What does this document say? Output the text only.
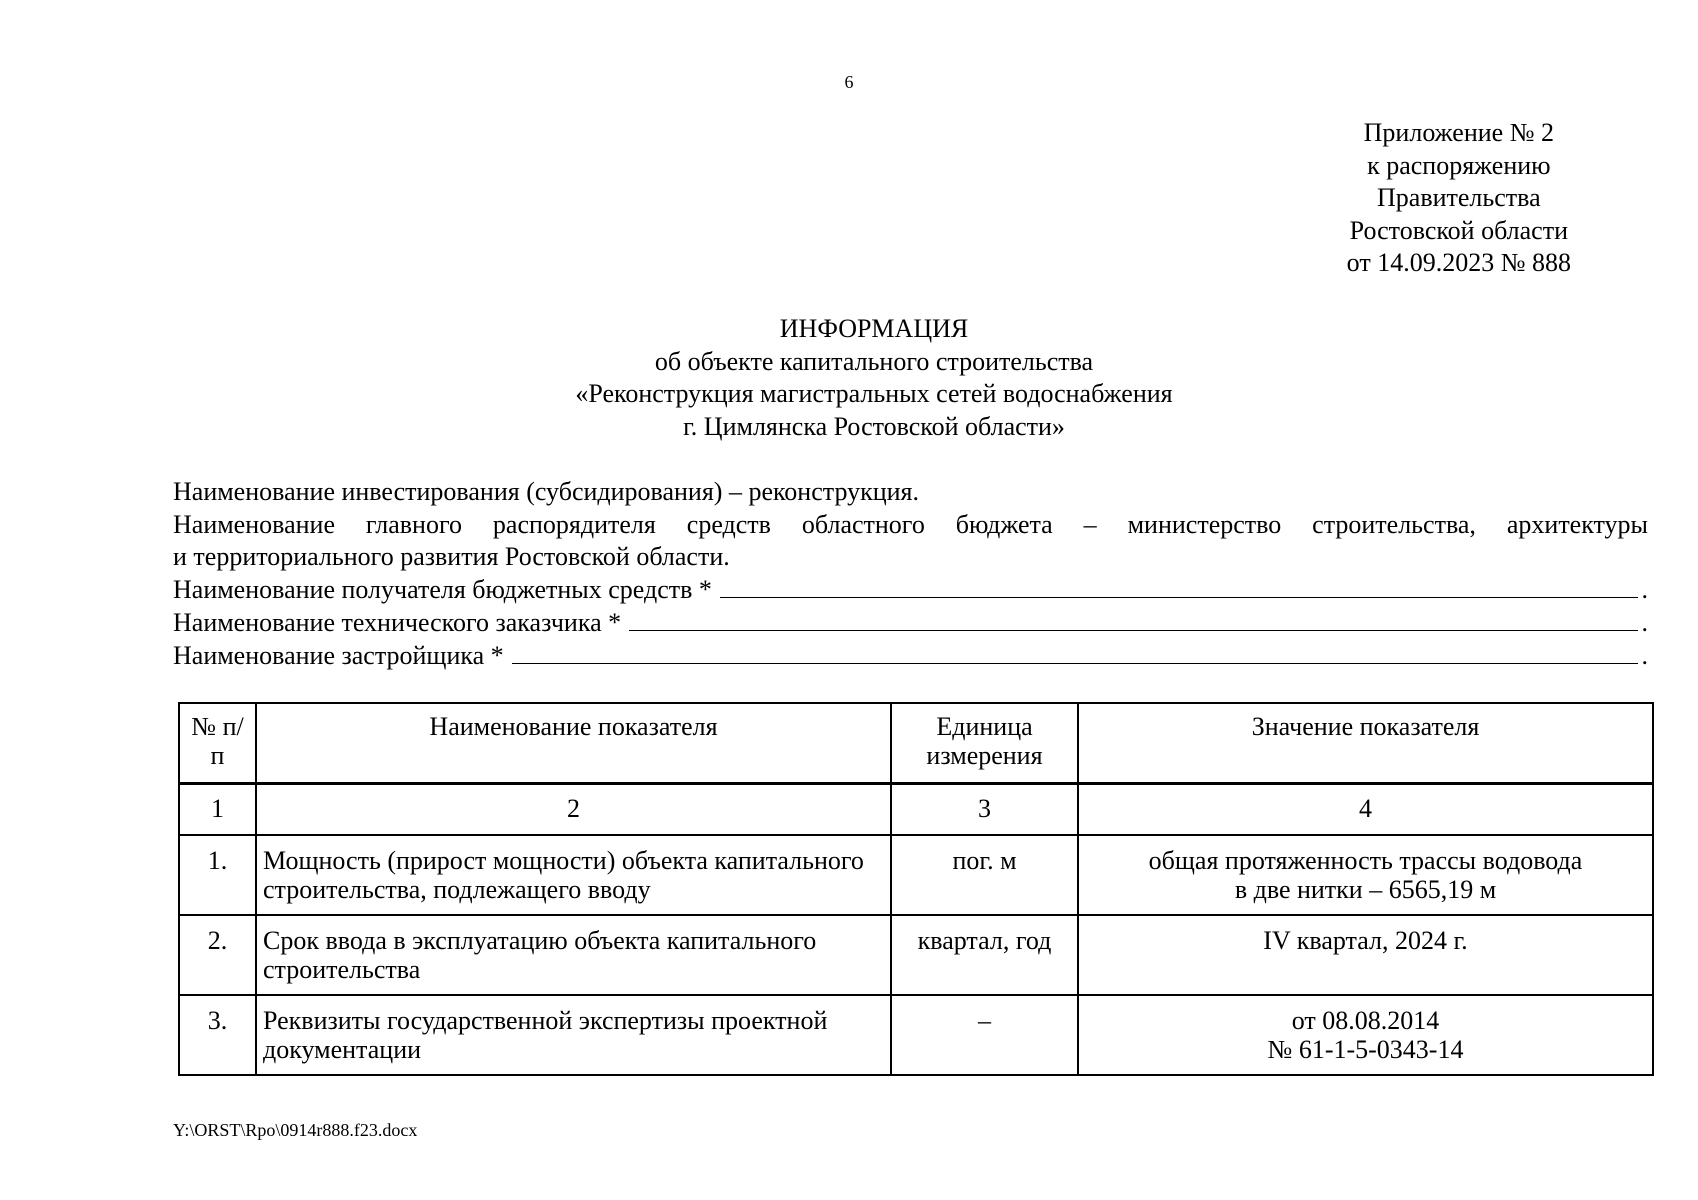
6
Приложение № 2
к распоряжению
Правительства
Ростовской области
от 14.09.2023 № 888
ИНФОРМАЦИЯ
об объекте капитального строительства
«Реконструкция магистральных сетей водоснабжения
г. Цимлянска Ростовской области»

Наименование инвестирования (субсидирования) – реконструкция.

Наименование главного распорядителя средств областного бюджета – министерство строительства, архитектуры

и территориального развития Ростовской области.

Наименование получателя бюджетных средств *	.
Наименование технического заказчика *	.
Наименование застройщика *	.
№ п/п	Наименование показателя	Единица измерения	Значение показателя
1	2	3	4
1.	Мощность (прирост мощности) объекта капитального строительства, подлежащего вводу	пог. м	общая протяженность трассы водовода
в две нитки – 6565,19 м

2.	Срок ввода в эксплуатацию объекта капитального строительства	квартал, год	IV квартал, 2024 г.

3.	Реквизиты государственной экспертизы проектной документации	–	от 08.08.2014
№ 61-1-5-0343-14
Y:\ORST\Rpo\0914r888.f23.docx
